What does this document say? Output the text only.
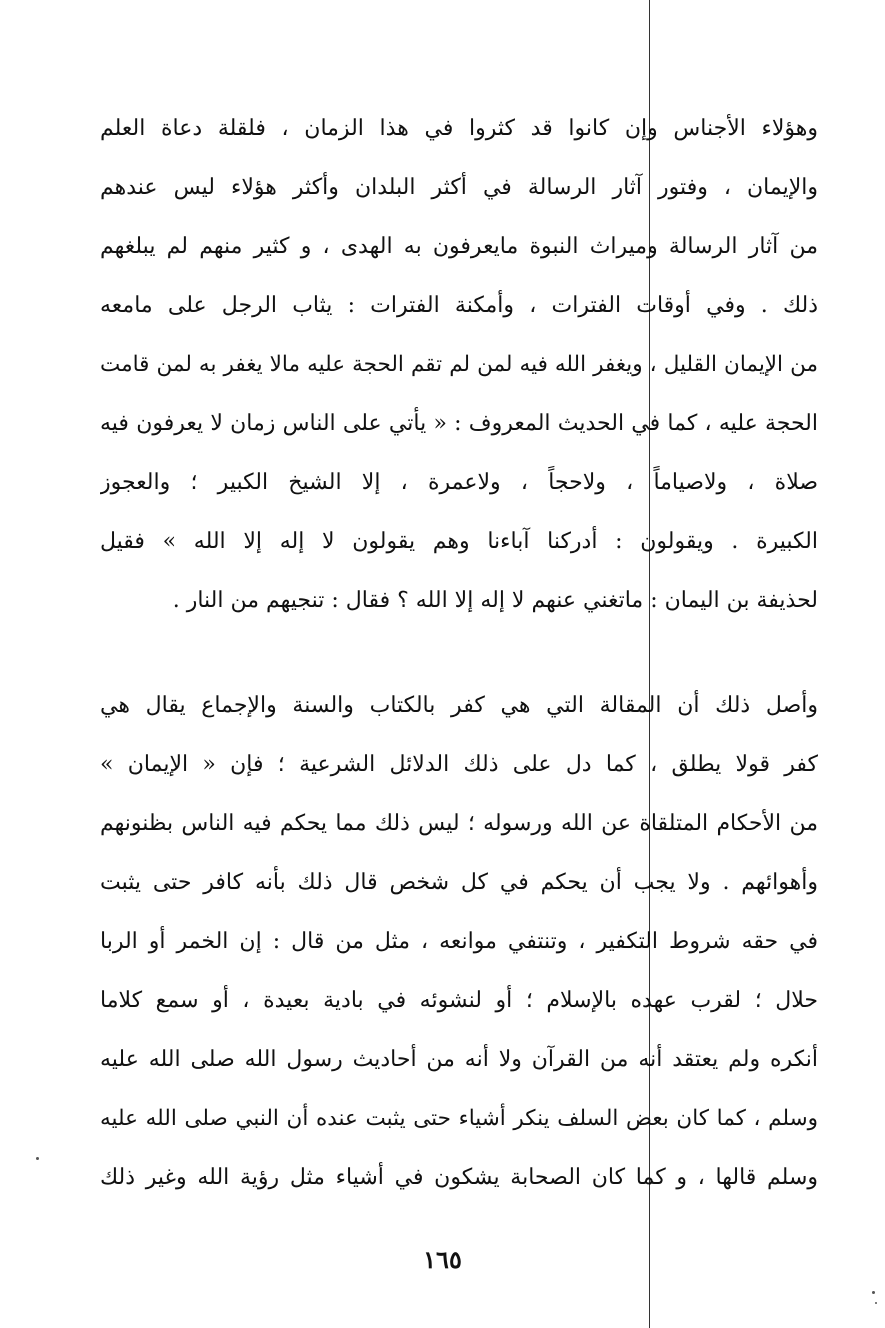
وهؤلاء الأجناس وإن كانوا قد كثروا في هذا الزمان ، فلقلة دعاة العلم
والإيمان ، وفتور آثار الرسالة في أكثر البلدان وأكثر هؤلاء ليس عندهم
من آثار الرسالة وميراث النبوة مايعرفون به الهدى ، و كثير منهم لم يبلغهم
ذلك . وفي أوقات الفترات ، وأمكنة الفترات : يثاب الرجل على مامعه
من الإيمان القليل ، ويغفر الله فيه لمن لم تقم الحجة عليه مالا يغفر به لمن قامت
الحجة عليه ، كما في الحديث المعروف : « يأتي على الناس زمان لا يعرفون فيه
صلاة ، ولاصياماً ، ولاحجاً ، ولاعمرة ، إلا الشيخ الكبير ؛ والعجوز
الكبيرة . ويقولون : أدركنا آباءنا وهم يقولون لا إله إلا الله » فقيل
لحذيفة بن اليمان : ماتغني عنهم لا إله إلا الله ؟ فقال : تنجيهم من النار .
وأصل ذلك أن المقالة التي هي كفر بالكتاب والسنة والإجماع يقال هي
كفر قولا يطلق ، كما دل على ذلك الدلائل الشرعية ؛ فإن « الإيمان »
من الأحكام المتلقاة عن الله ورسوله ؛ ليس ذلك مما يحكم فيه الناس بظنونهم
وأهوائهم . ولا يجب أن يحكم في كل شخص قال ذلك بأنه كافر حتى يثبت
في حقه شروط التكفير ، وتنتفي موانعه ، مثل من قال : إن الخمر أو الربا
حلال ؛ لقرب عهده بالإسلام ؛ أو لنشوئه في بادية بعيدة ، أو سمع كلاما
أنكره ولم يعتقد أنه من القرآن ولا أنه من أحاديث رسول الله صلى الله عليه
وسلم ، كما كان بعض السلف ينكر أشياء حتى يثبت عنده أن النبي صلى الله عليه
وسلم قالها ، و كما كان الصحابة يشكون في أشياء مثل رؤية الله وغير ذلك
١٦٥
